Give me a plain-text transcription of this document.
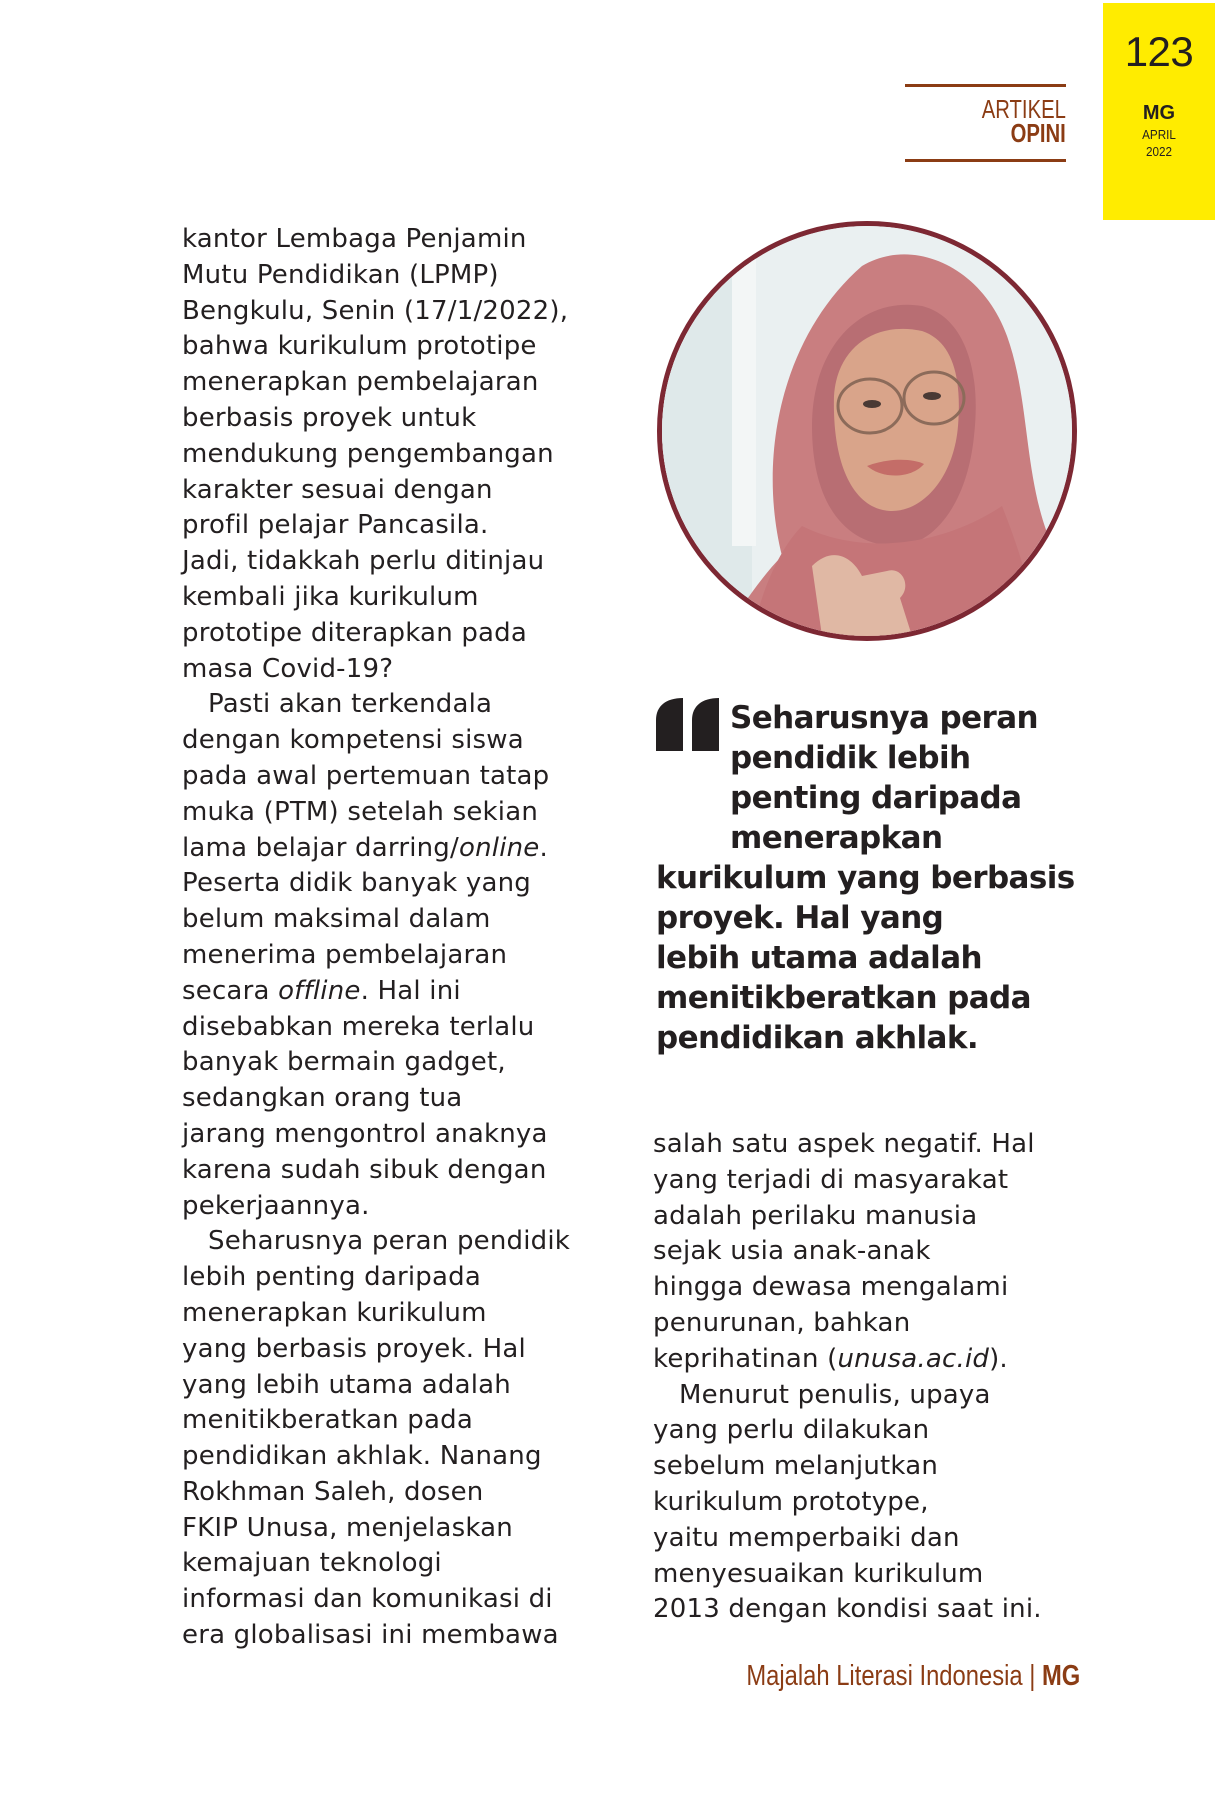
123
MG
APRIL
2022
ARTIKEL
OPINI
kantor Lembaga Penjamin
Mutu Pendidikan (LPMP)
Bengkulu, Senin (17/1/2022),
bahwa kurikulum prototipe
menerapkan pembelajaran
berbasis proyek untuk
mendukung pengembangan
karakter sesuai dengan
profil pelajar Pancasila.
Jadi, tidakkah perlu ditinjau
kembali jika kurikulum
prototipe diterapkan pada
masa Covid-19?
Pasti akan terkendala
dengan kompetensi siswa
pada awal pertemuan tatap
muka (PTM) setelah sekian
lama belajar darring/online.
Peserta didik banyak yang
belum maksimal dalam
menerima pembelajaran
secara offline. Hal ini
disebabkan mereka terlalu
banyak bermain gadget,
sedangkan orang tua
jarang mengontrol anaknya
karena sudah sibuk dengan
pekerjaannya.
Seharusnya peran pendidik
lebih penting daripada
menerapkan kurikulum
yang berbasis proyek. Hal
yang lebih utama adalah
menitikberatkan pada
pendidikan akhlak. Nanang
Rokhman Saleh, dosen
FKIP Unusa, menjelaskan
kemajuan teknologi
informasi dan komunikasi di
era globalisasi ini membawa
Seharusnya peran
pendidik lebih
penting daripada
menerapkan
kurikulum yang berbasis
proyek. Hal yang
lebih utama adalah
menitikberatkan pada
pendidikan akhlak.
salah satu aspek negatif. Hal
yang terjadi di masyarakat
adalah perilaku manusia
sejak usia anak-anak
hingga dewasa mengalami
penurunan, bahkan
keprihatinan (unusa.ac.id).
Menurut penulis, upaya
yang perlu dilakukan
sebelum melanjutkan
kurikulum prototype,
yaitu memperbaiki dan
menyesuaikan kurikulum
2013 dengan kondisi saat ini.
Majalah Literasi Indonesia | MG
